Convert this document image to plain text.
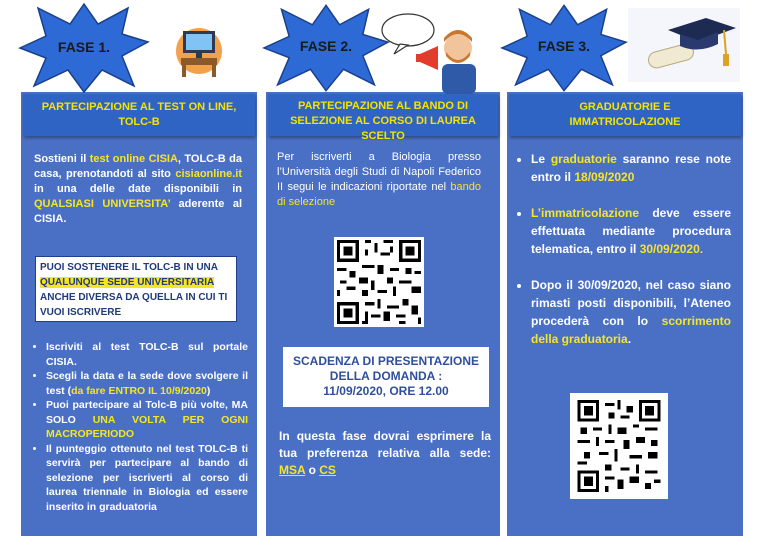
FASE 1.
PARTECIPAZIONE AL TEST ON LINE,
TOLC-B
Sostieni il test online CISIA, TOLC-B da casa, prenotandoti al sito cisiaonline.it in una delle date disponibili in QUALSIASI UNIVERSITA’ aderente al CISIA.
PUOI SOSTENERE IL TOLC-B IN UNA QUALUNQUE SEDE UNIVERSITARIA ANCHE DIVERSA DA QUELLA IN CUI TI VUOI ISCRIVERE
• Iscriviti al test TOLC-B sul portale CISIA.
• Scegli la data e la sede dove svolgere il test (da fare ENTRO IL 10/9/2020)
• Puoi partecipare al Tolc-B più volte, MA SOLO UNA VOLTA PER OGNI MACROPERIODO
• Il punteggio ottenuto nel test TOLC-B ti servirà per partecipare al bando di selezione per iscriverti al corso di laurea triennale in Biologia ed essere inserito in graduatoria
FASE 2.
PARTECIPAZIONE AL BANDO DI
SELEZIONE AL CORSO DI LAUREA SCELTO
Per iscriverti a Biologia presso l’Università degli Studi di Napoli Federico II segui le indicazioni riportate nel bando di selezione
SCADENZA DI PRESENTAZIONE
DELLA DOMANDA :
11/09/2020, ORE 12.00
In questa fase dovrai esprimere la tua preferenza relativa alla sede: MSA o CS
FASE 3.
GRADUATORIE E
IMMATRICOLAZIONE
• Le graduatorie saranno rese note entro il 18/09/2020
• L’immatricolazione deve essere effettuata mediante procedura telematica, entro il 30/09/2020.
• Dopo il 30/09/2020, nel caso siano rimasti posti disponibili, l’Ateneo procederà con lo scorrimento della graduatoria.
